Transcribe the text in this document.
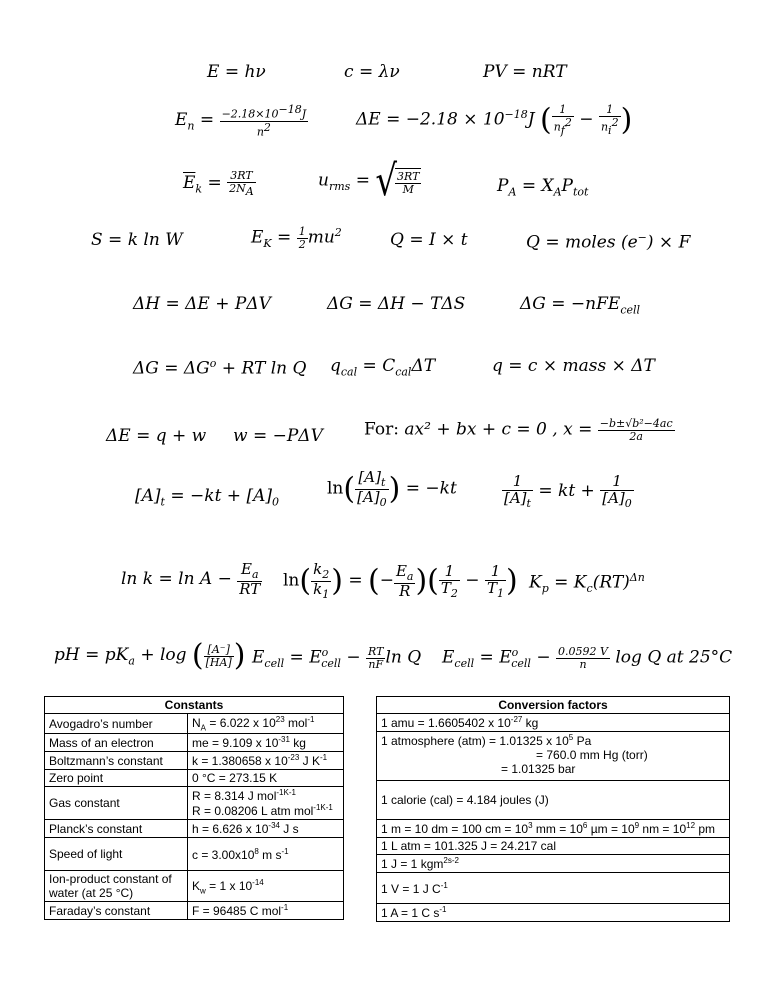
E = hν	c = λν	PV = nRT
$E_n = \frac{-2.18\times 10^{-18}J}{n^2}$	$\Delta E = -2.18 \times 10^{-18}J$ ( $\frac{1}{n_f^2} - \frac{1}{n_i^2}$ )
$\overline{E}_k = \frac{3RT}{2N_A}$	$u_{rms}$ = √
$\frac{3RT}{M}$	$P_A = X_AP_{tot}$
S = k ln W	$E_K = \frac{1}{2} mu^2$	Q = I × t	Q = moles (e−) × F
ΔH = ΔE + PΔV	ΔG = ΔH − TΔS	ΔG = −nFE$_{cell}$
$\Delta G = \Delta G^o$ + RT ln Q $q_{cal} = C_{cal}\Delta T$	q = c × mass × ΔT
ΔE = q + w w = −PΔV For: ax² + bx + c = 0 , $x = \frac{\text{−b±√b²−4ac}}{2a}$
$[A]_t = -kt + [A]_0$
$\ln( \frac{[A]_t}{[A]_0}$ ) = −kt	$\frac{1}{[A]_t}$ = kt + $\frac{1}{[A]_0}$
$\ln k = \ln A - \frac{E_a}{RT} \ln( \frac{k_2}{k_1}$ ) = (− $\frac{E_a}{R}$ )( $\frac{1}{T_2} - \frac{1}{T_1}$ ) $K_p = K_c(RT)^{\Delta n}$
pH = $pK_a + \log$ ( $\frac{[A^-]}{[HA]}$ ) $E_{cell} = E^o_{cell} - \frac{RT}{nF}$ ln Q $E_{cell} = E^o_{cell} - \frac{0.0592 V}{n}$ log Q at 25°C
Constants	
Avogadro’s number	$N_A = 6.022$ x $10^{23}$ mol$^{-1}$
Mass of an electron	me = 9.109 x $10^{-31}$ kg
Boltzmann’s constant	k = 1.380658 x $10^{-23}$ J $K^{-1}$
Zero point	0 °C = 273.15 K
Gas constant	R = 8.314 J mol$^{-1K-1}$
R = 0.08206 L atm mol$^{-1K-1}$
Planck’s constant	h = 6.626 x $10^{-34}$ J s
Speed of light	$c = 3.00x10^8$ m $s^{-1}$
Ion-product constant of water (at 25 °C)	$K_w = 1$ x $10^{-14}$
Faraday’s constant	F = 96485 C mol$^{-1}$
Conversion factors
1 amu = 1.6605402 x $10^{-27}$ kg

1 atmosphere (atm) = 1.01325 x $10^5$ Pa
= 760.0 mm Hg (torr)
= 1.01325 bar

1 calorie (cal) = 4.184 joules (J)
1 m = 10 dm = 100 cm = $10^3$ mm = $10^6$ $\mu m = 10^9$ nm = $10^{12}$ pm
1 L atm = 101.325 J = 24.217 cal
1 J = 1 kgm$^{2s-2}$
1 V = 1 J $C^{-1}$
1 A = 1 C $s^{-1}$
